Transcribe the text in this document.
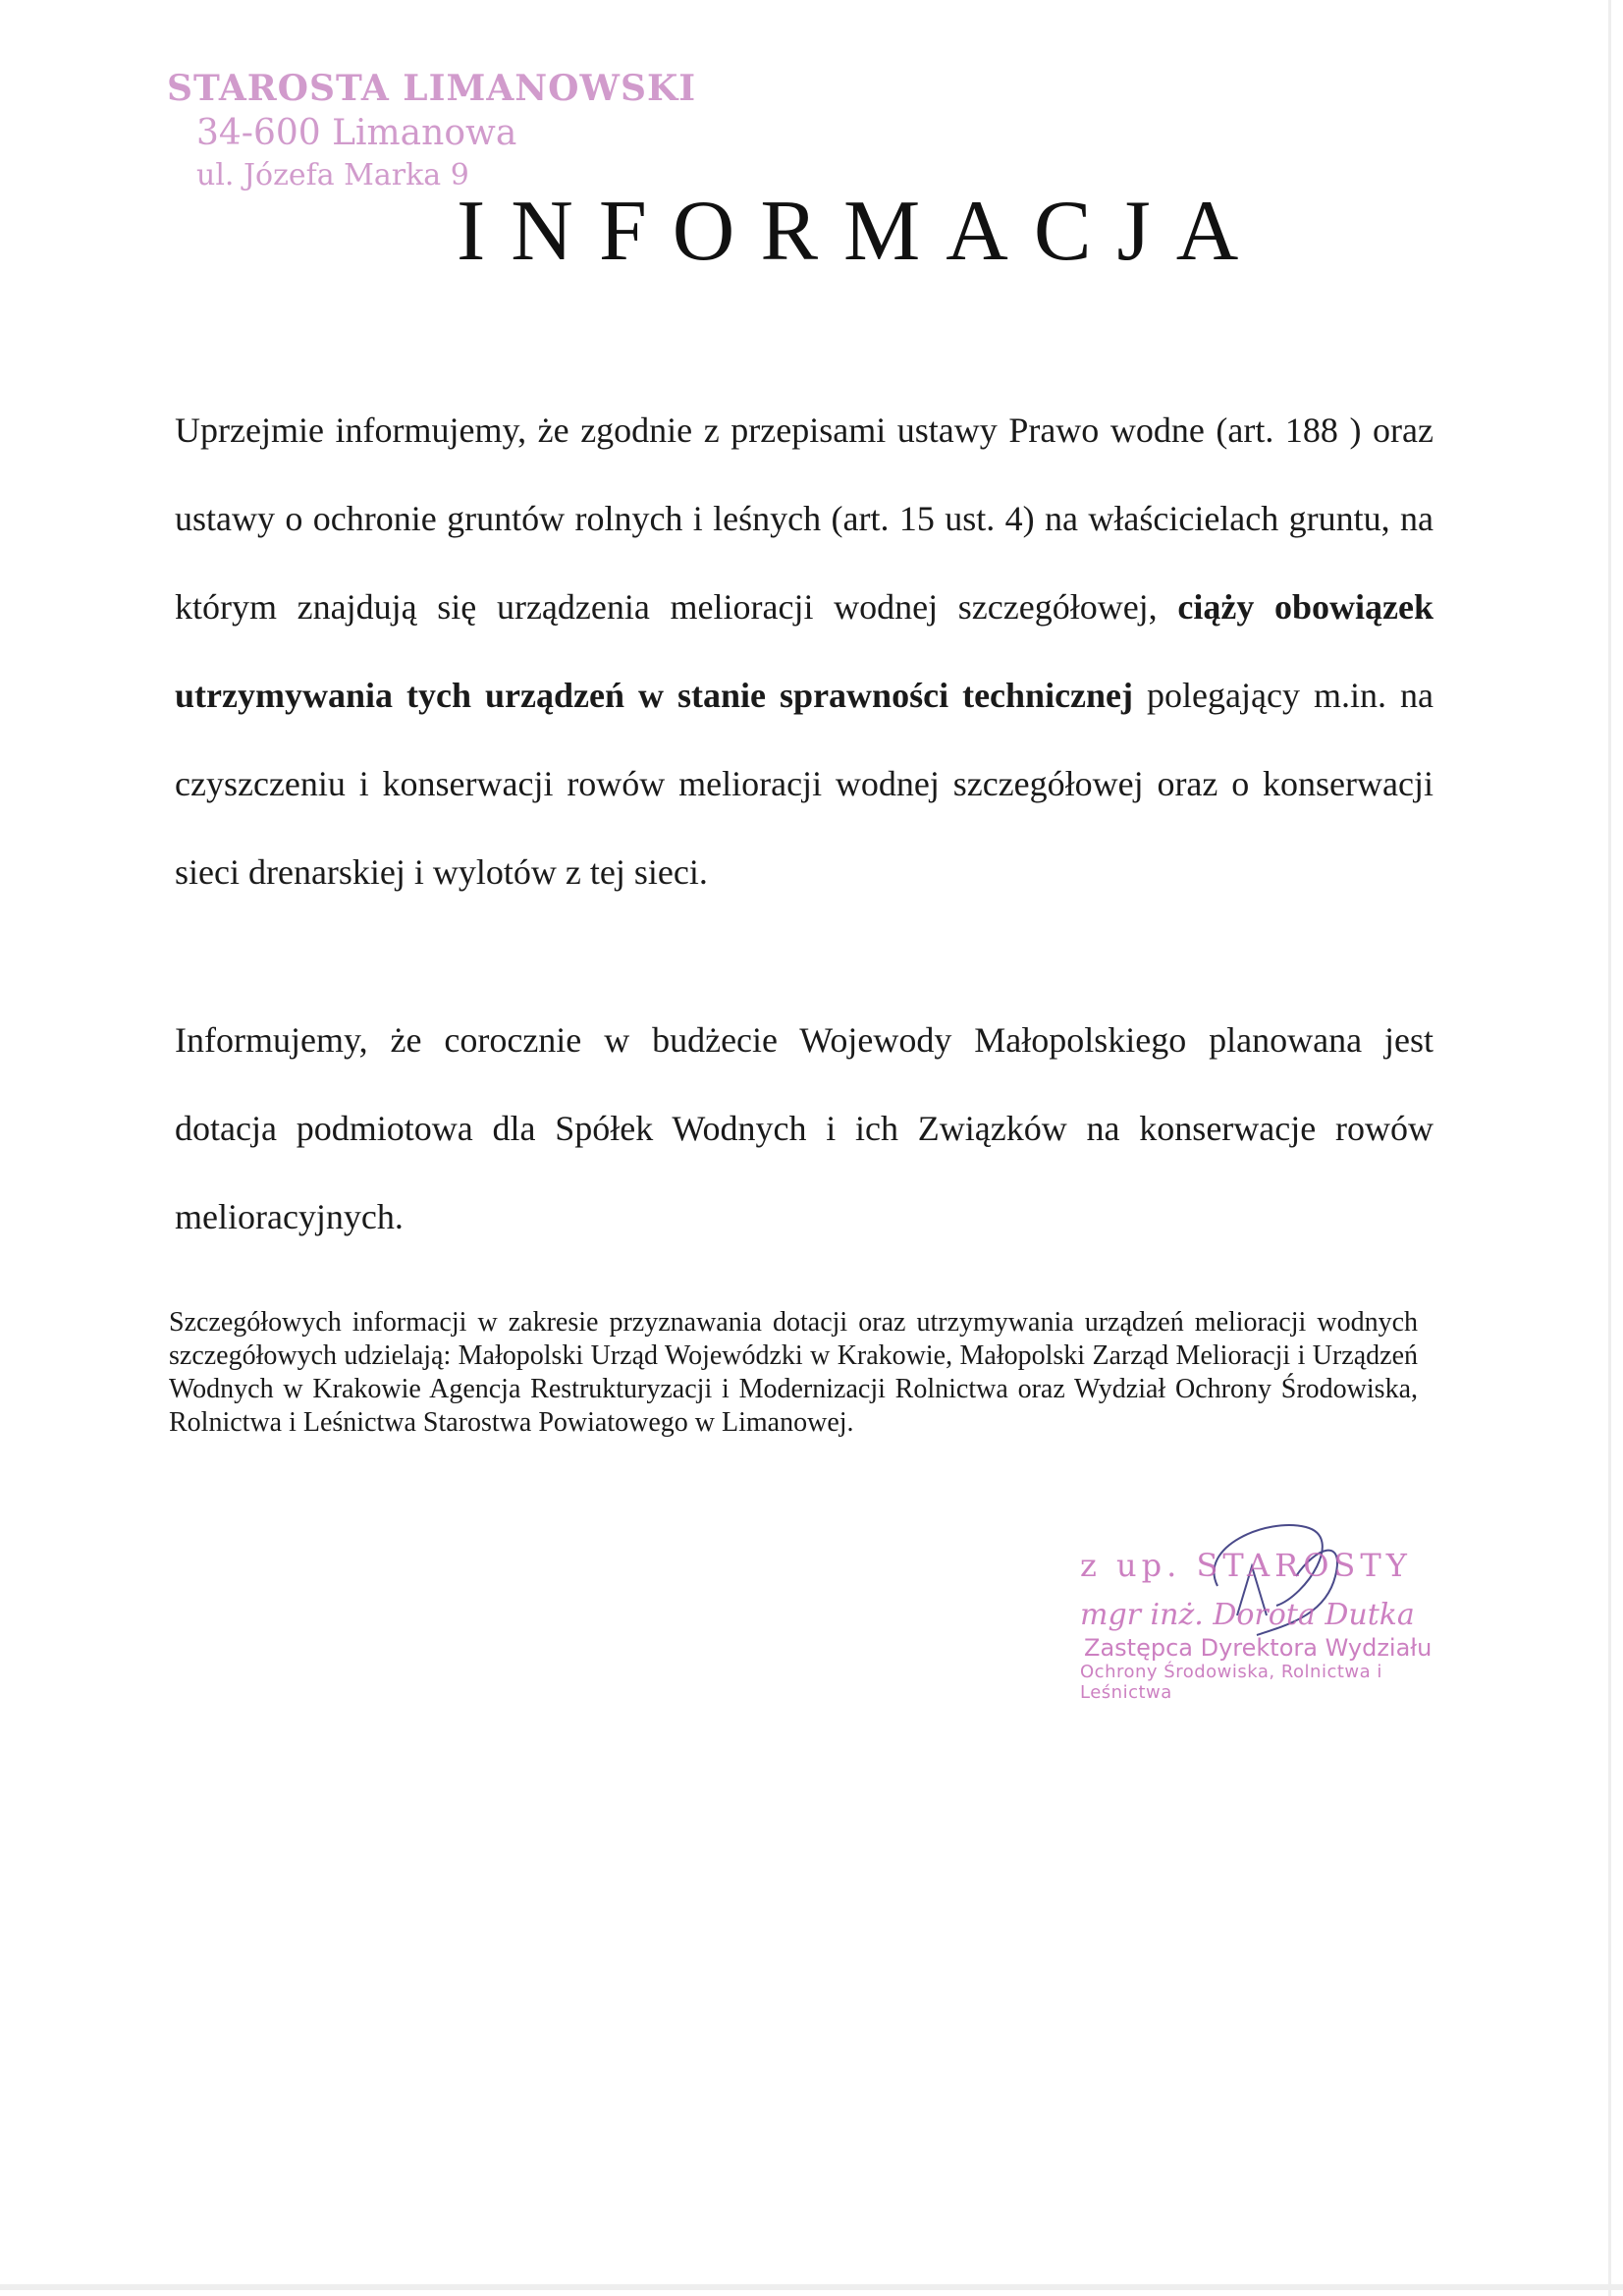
STAROSTA LIMANOWSKI
34-600 Limanowa
ul. Józefa Marka 9
INFORMACJA
Uprzejmie informujemy, że zgodnie z przepisami ustawy Prawo wodne (art. 188 ) oraz ustawy o ochronie gruntów rolnych i leśnych (art. 15 ust. 4) na właścicielach gruntu, na którym znajdują się urządzenia melioracji wodnej szczegółowej, ciąży obowiązek utrzymywania tych urządzeń w stanie sprawności technicznej polegający m.in. na czyszczeniu i konserwacji rowów melioracji wodnej szczegółowej oraz o konserwacji sieci drenarskiej i wylotów z tej sieci.
Informujemy, że corocznie w budżecie Wojewody Małopolskiego planowana jest dotacja podmiotowa dla Spółek Wodnych i ich Związków na konserwacje rowów melioracyjnych.
Szczegółowych informacji w zakresie przyznawania dotacji oraz utrzymywania urządzeń melioracji wodnych szczegółowych udzielają: Małopolski Urząd Wojewódzki w Krakowie, Małopolski Zarząd Melioracji i Urządzeń Wodnych w Krakowie Agencja Restrukturyzacji i Modernizacji Rolnictwa oraz Wydział Ochrony Środowiska, Rolnictwa i Leśnictwa Starostwa Powiatowego w Limanowej.
z up. STAROSTY
mgr inż. Dorota Dutka
Zastępca Dyrektora Wydziału
Ochrony Środowiska, Rolnictwa i Leśnictwa
